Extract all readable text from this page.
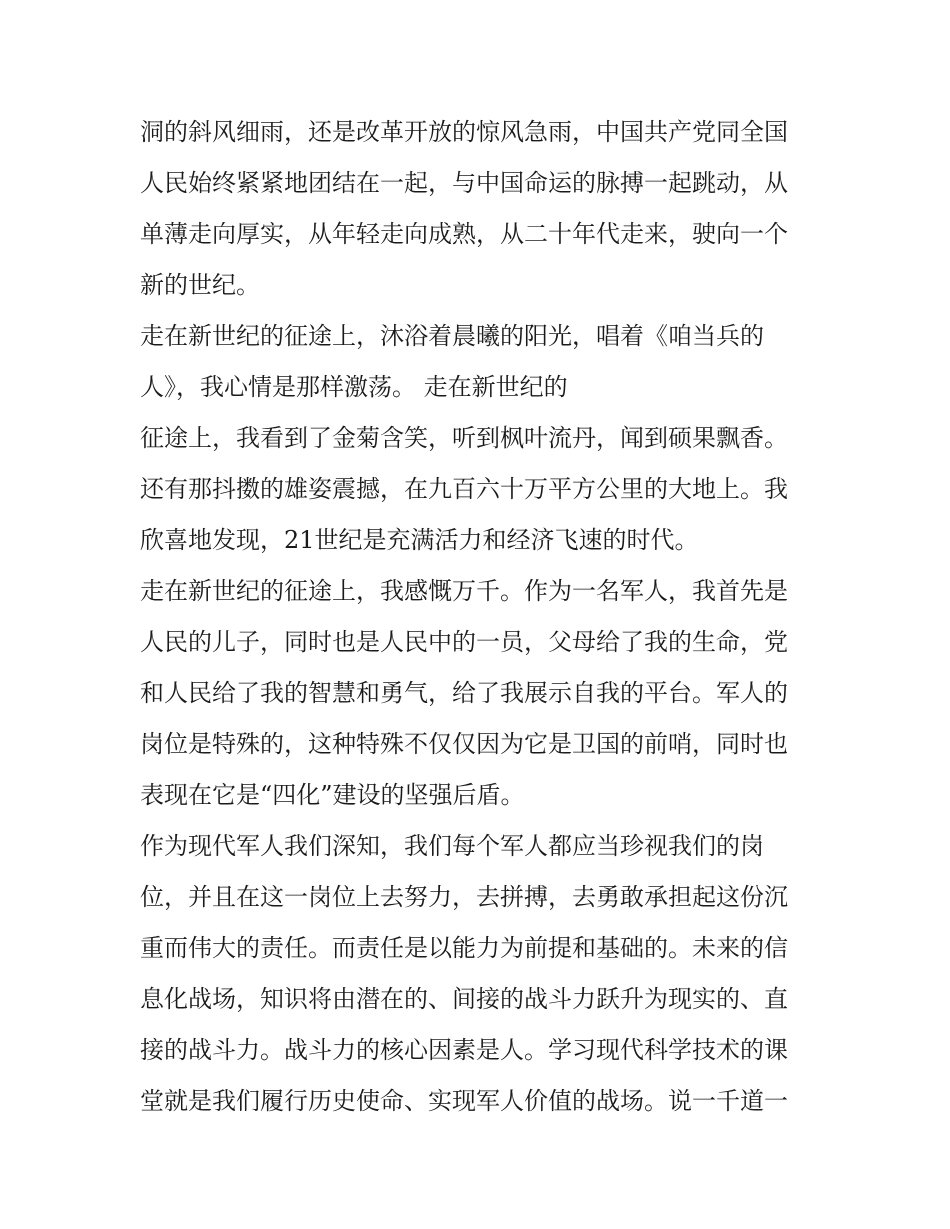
洞的斜风细雨，还是改革开放的惊风急雨，中国共产党同全国
人民始终紧紧地团结在一起，与中国命运的脉搏一起跳动，从
单薄走向厚实，从年轻走向成熟，从二十年代走来，驶向一个
新的世纪。
走在新世纪的征途上，沐浴着晨曦的阳光，唱着《咱当兵的
人》，我心情是那样激荡。 走在新世纪的
征途上，我看到了金菊含笑，听到枫叶流丹，闻到硕果飘香。
还有那抖擞的雄姿震撼，在九百六十万平方公里的大地上。我
欣喜地发现，21世纪是充满活力和经济飞速的时代。
走在新世纪的征途上，我感慨万千。作为一名军人，我首先是
人民的儿子，同时也是人民中的一员，父母给了我的生命，党
和人民给了我的智慧和勇气，给了我展示自我的平台。军人的
岗位是特殊的，这种特殊不仅仅因为它是卫国的前哨，同时也
表现在它是“四化”建设的坚强后盾。
作为现代军人我们深知，我们每个军人都应当珍视我们的岗
位，并且在这一岗位上去努力，去拼搏，去勇敢承担起这份沉
重而伟大的责任。而责任是以能力为前提和基础的。未来的信
息化战场，知识将由潜在的、间接的战斗力跃升为现实的、直
接的战斗力。战斗力的核心因素是人。学习现代科学技术的课
堂就是我们履行历史使命、实现军人价值的战场。说一千道一
